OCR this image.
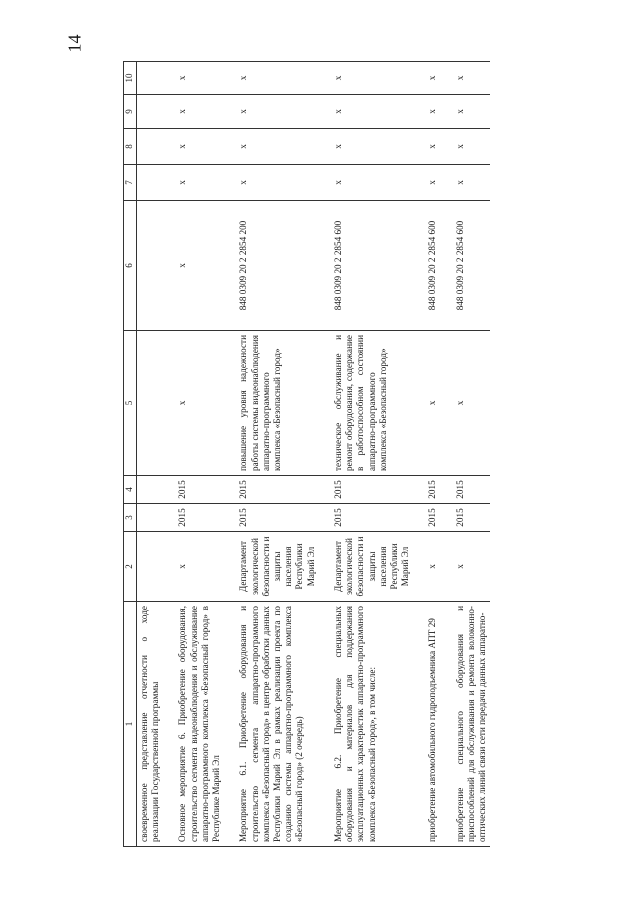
14
1	2	3	4	5	6	7	8	9	10
своевременное представление отчетности о ходе реализации Государственной программы									
Основное мероприятие 6. Приобретение оборудования, строительство сегмента видеонаблюдения и обслуживание аппаратно-программного комплекса «Безопасный город» в Республике Марий Эл	х	2015	2015	х	х	х	х	х	х
Мероприятие 6.1. Приобретение оборудования и строительство сегмента аппаратно-программного комплекса «Безопасный город» в центре обработки данных Республики Марий Эл в рамках реализации проекта по созданию системы аппаратно-программного комплекса «Безопасный город» (2 очередь)	Департамент экологической безопасности и защиты населения Республики Марий Эл	2015	2015	повышение уровня надежности работы системы видеонаблюдения аппаратно-программного комплекса «Безопасный город»	848 0309 20 2 2854 200	х	х	х	х
Мероприятие 6.2. Приобретение специальных оборудования и материалов для поддержания эксплуатационных характеристик аппаратно-программного комплекса «Безопасный город», в том числе:	Департамент экологической безопасности и защиты населения Республики Марий Эл	2015	2015	техническое обслуживание и ремонт оборудования, содержание в работоспособном состоянии аппаратно-программного комплекса «Безопасный город»	848 0309 20 2 2854 600	х	х	х	х
приобретение автомобильного гидроподъемника АПТ 29	х	2015	2015	х	848 0309 20 2 2854 600	х	х	х	х
приобретение специального оборудования и приспособлений для обслуживания и ремонта волоконно-оптических линий связи сети передачи данных аппаратно-	х	2015	2015	х	848 0309 20 2 2854 600	х	х	х	х
